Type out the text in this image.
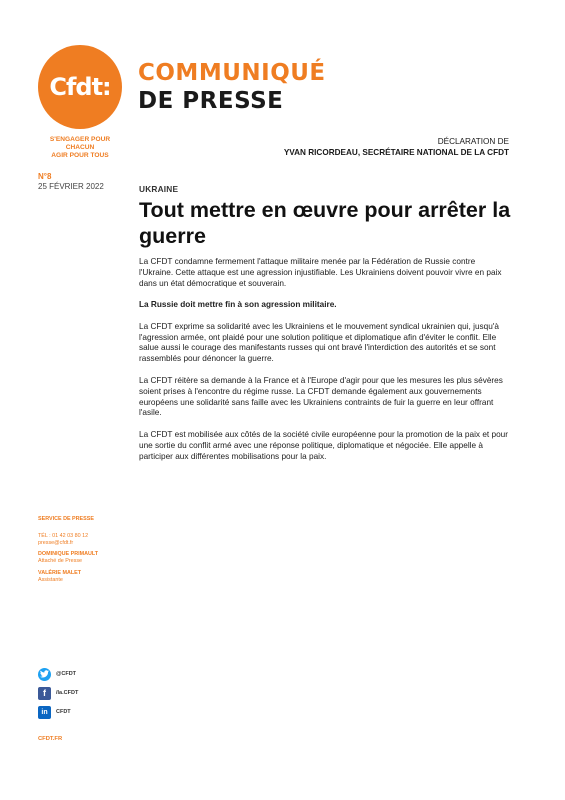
Cfdt:
S'ENGAGER POUR CHACUN
AGIR POUR TOUS
COMMUNIQUÉ
DE PRESSE
DÉCLARATION DE
YVAN RICORDEAU, SECRÉTAIRE NATIONAL DE LA CFDT
N°8
25 FÉVRIER 2022	UKRAINE
Tout mettre en œuvre pour arrêter la guerre

La CFDT condamne fermement l'attaque militaire menée par la Fédération de Russie contre l'Ukraine. Cette attaque est une agression injustifiable. Les Ukrainiens doivent pouvoir vivre en paix dans un état démocratique et souverain.

La Russie doit mettre fin à son agression militaire.

La CFDT exprime sa solidarité avec les Ukrainiens et le mouvement syndical ukrainien qui, jusqu'à l'agression armée, ont plaidé pour une solution politique et diplomatique afin d'éviter le conflit. Elle salue aussi le courage des manifestants russes qui ont bravé l'interdiction des autorités et se sont rassemblés pour dénoncer la guerre.

La CFDT réitère sa demande à la France et à l'Europe d'agir pour que les mesures les plus sévères soient prises à l'encontre du régime russe. La CFDT demande également aux gouvernements européens une solidarité sans faille avec les Ukrainiens contraints de fuir la guerre en leur offrant l'asile.

La CFDT est mobilisée aux côtés de la société civile européenne pour la promotion de la paix et pour une sortie du conflit armé avec une réponse politique, diplomatique et négociée. Elle appelle à participer aux différentes mobilisations pour la paix.

SERVICE DE PRESSE
TÉL : 01 42 03 80 12
presse@cfdt.fr
DOMINIQUE PRIMAULT
Attaché de Presse
VALÉRIE MALET
Assistante
@CFDT
f	/la.CFDT
in	CFDT
CFDT.FR
